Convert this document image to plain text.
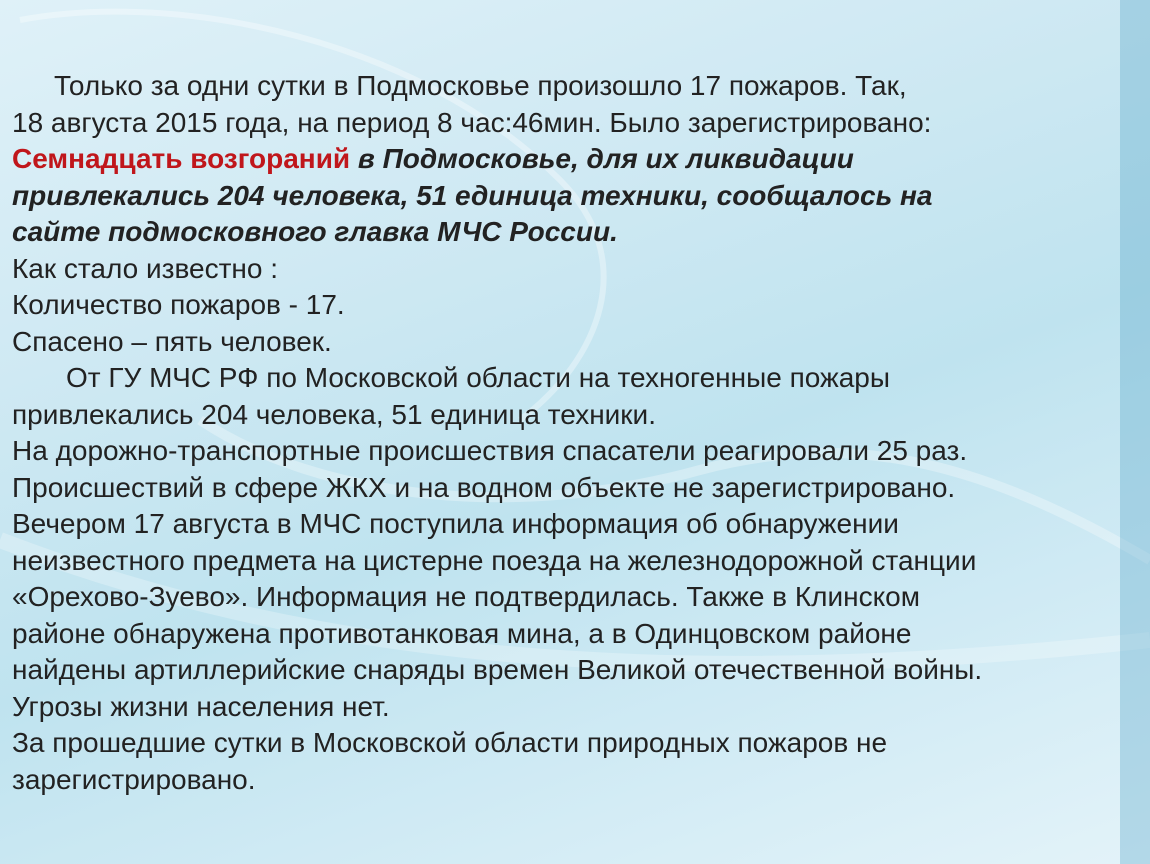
Только за одни сутки в Подмосковье произошло 17 пожаров. Так,
18 августа 2015 года, на период 8 час:46мин. Было зарегистрировано:
Семнадцать возгораний в Подмосковье, для их ликвидации
привлекались 204 человека, 51 единица техники, сообщалось на
сайте подмосковного главка МЧС России.
Как стало известно :
Количество пожаров - 17.
Спасено – пять человек.
От ГУ МЧС РФ по Московской области на техногенные пожары
привлекались 204 человека, 51 единица техники.
На дорожно-транспортные происшествия спасатели реагировали 25 раз.
Происшествий в сфере ЖКХ и на водном объекте не зарегистрировано.
Вечером 17 августа в МЧС поступила информация об обнаружении
неизвестного предмета на цистерне поезда на железнодорожной станции
«Орехово-Зуево». Информация не подтвердилась. Также в Клинском
районе обнаружена противотанковая мина, а в Одинцовском районе
найдены артиллерийские снаряды времен Великой отечественной войны.
Угрозы жизни населения нет.
За прошедшие сутки в Московской области природных пожаров не
зарегистрировано.
